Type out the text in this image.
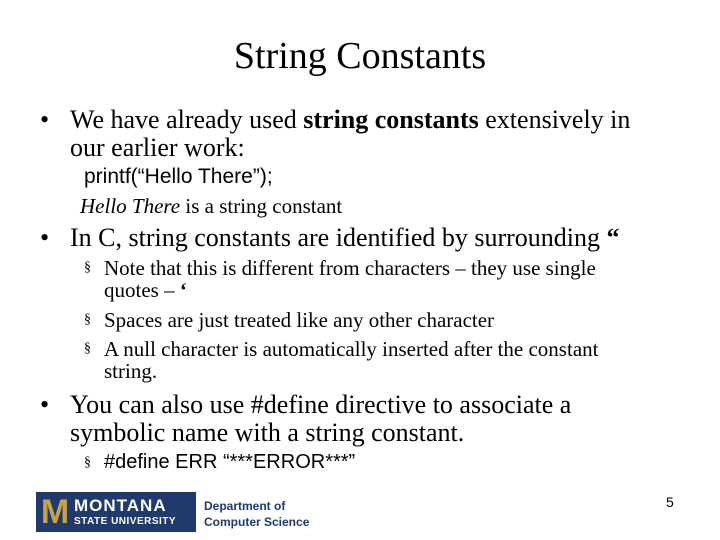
String Constants
• We have already used string constants extensively in
our earlier work:
printf(“Hello There”);
Hello There is a string constant
• In C, string constants are identified by surrounding “
§ Note that this is different from characters – they use single
quotes – ‘
§ Spaces are just treated like any other character
§ A null character is automatically inserted after the constant
string.
• You can also use #define directive to associate a
symbolic name with a string constant.
§ #define ERR “***ERROR***”
M MONTANA
STATE UNIVERSITY
Department of
Computer Science
5
